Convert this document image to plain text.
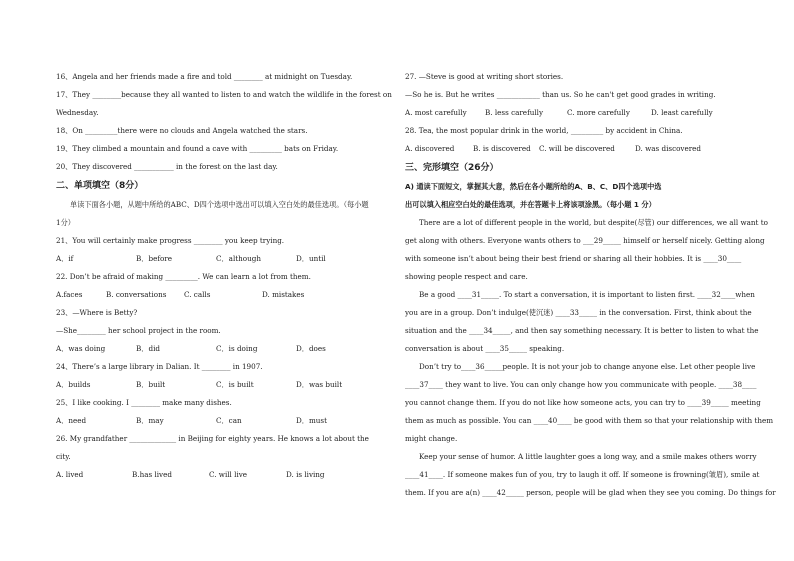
16、Angela and her friends made a fire and told ________ at midnight on Tuesday.
17、They ________because they all wanted to listen to and watch the wildlife in the forest on
Wednesday.
18、On _________there were no clouds and Angela watched the stars.
19、They climbed a mountain and found a cave with _________ bats on Friday.
20、They discovered ___________ in the forest on the last day.
二、单项填空（8分）
单读下面各小题，从题中所给的ABC、D四个选项中选出可以填入空白处的最佳选项。（每小题
1分）
21、You will certainly make progress ________ you keep trying.
A．if	B．before	C．although	D．until
22. Don’t be afraid of making _________. We can learn a lot from them.
A.faces	B. conversations	C. calls	D. mistakes
23、—Where is Betty?
—She________ her school project in the room.
A．was doing	B．did	C．is doing	D．does
24、There’s a large library in Dalian. It ________ in 1907.
A．builds	B．built	C．is built	D．was built
25、I like cooking. I ________ make many dishes.
A．need	B．may	C．can	D．must
26. My grandfather _____________ in Beijing for eighty years. He knows a lot about the
city.
A. lived	B.has lived	C. will live	D. is living
27. —Steve is good at writing short stories.
—So he is. But he writes ____________ than us. So he can't get good grades in writing.
A. most carefully	B. less carefully	C. more carefully	D. least carefully
28. Tea, the most popular drink in the world, _________ by accident in China.
A. discovered	B. is discovered	C. will be discovered	D. was discovered
三、完形填空（26分）
A) 通读下面短文，掌握其大意，然后在各小题所给的A、B、C、D四个选项中选
出可以填入相应空白处的最佳选项，并在答题卡上将该项涂黑。（每小题 1 分）
There are a lot of different people in the world, but despite(尽管) our differences, we all want to
get along with others. Everyone wants others to ___29_____ himself or herself nicely. Getting along
with someone isn’t about being their best friend or sharing all their hobbies. It is ____30____
showing people respect and care.
Be a good ____31_____. To start a conversation, it is important to listen first. ____32____when
you are in a group. Don’t indulge(使沉迷) ____33_____ in the conversation. First, think about the
situation and the ____34_____, and then say something necessary. It is better to listen to what the
conversation is about ____35_____ speaking.
Don’t try to____36_____people. It is not your job to change anyone else. Let other people live
____37____ they want to live. You can only change how you communicate with people. ____38____
you cannot change them. If you do not like how someone acts, you can try to ____39_____ meeting
them as much as possible. You can ____40____ be good with them so that your relationship with them
might change.
Keep your sense of humor. A little laughter goes a long way, and a smile makes others worry
____41____. If someone makes fun of you, try to laugh it off. If someone is frowning(皱眉), smile at
them. If you are a(n) ____42_____ person, people will be glad when they see you coming. Do things for
